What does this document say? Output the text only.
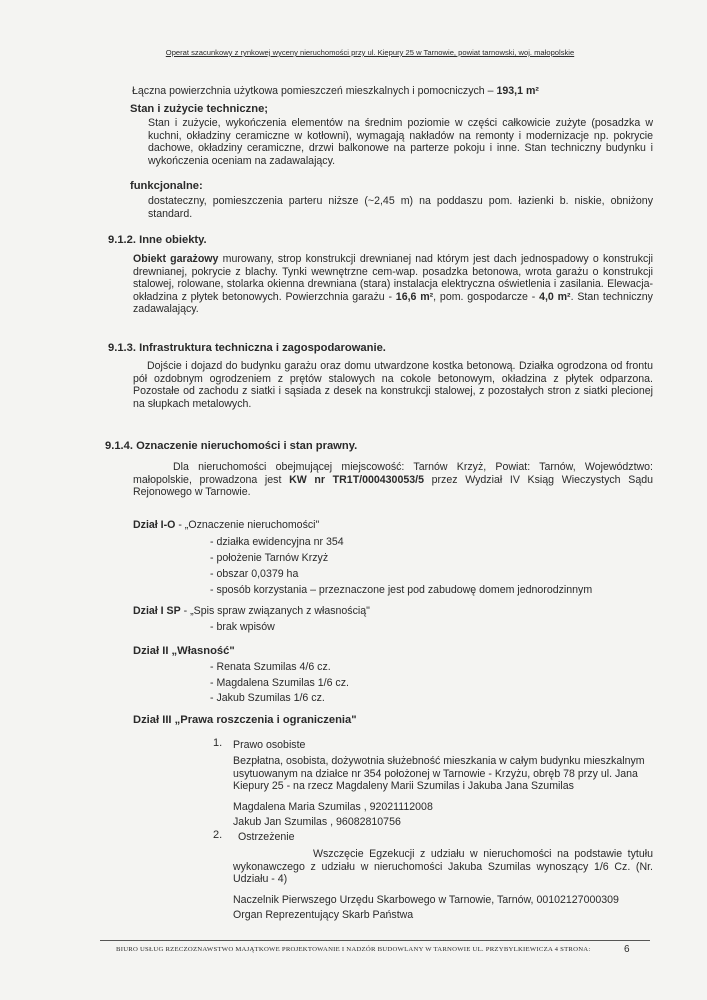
Operat szacunkowy z rynkowej wyceny nieruchomości przy ul. Kiepury 25 w Tarnowie, powiat tarnowski, woj. małopolskie
Łączna powierzchnia użytkowa pomieszczeń mieszkalnych i pomocniczych – 193,1 m²
Stan i zużycie techniczne;
Stan i zużycie, wykończenia elementów na średnim poziomie w części całkowicie zużyte (posadzka w kuchni, okładziny ceramiczne w kotłowni), wymagają nakładów na remonty i modernizacje np. pokrycie dachowe, okładziny ceramiczne, drzwi balkonowe na parterze pokoju i inne. Stan techniczny budynku i wykończenia oceniam na zadawalający.
funkcjonalne:
dostateczny, pomieszczenia parteru niższe (~2,45 m) na poddaszu pom. łazienki b. niskie, obniżony standard.
9.1.2. Inne obiekty.
Obiekt garażowy murowany, strop konstrukcji drewnianej nad którym jest dach jednospadowy o konstrukcji drewnianej, pokrycie z blachy. Tynki wewnętrzne cem-wap. posadzka betonowa, wrota garażu o konstrukcji stalowej, rolowane, stolarka okienna drewniana (stara) instalacja elektryczna oświetlenia i zasilania. Elewacja- okładzina z płytek betonowych. Powierzchnia garażu - 16,6 m², pom. gospodarcze - 4,0 m². Stan techniczny zadawalający.
9.1.3. Infrastruktura techniczna i zagospodarowanie.
Dojście i dojazd do budynku garażu oraz domu utwardzone kostka betonową. Działka ogrodzona od frontu pół ozdobnym ogrodzeniem z prętów stalowych na cokole betonowym, okładzina z płytek odparzona. Pozostałe od zachodu z siatki i sąsiada z desek na konstrukcji stalowej, z pozostałych stron z siatki plecionej na słupkach metalowych.
9.1.4. Oznaczenie nieruchomości i stan prawny.
Dla nieruchomości obejmującej miejscowość: Tarnów Krzyż, Powiat: Tarnów, Województwo: małopolskie, prowadzona jest KW nr TR1T/000430053/5 przez Wydział IV Ksiąg Wieczystych Sądu Rejonowego w Tarnowie.
Dział I-O - „Oznaczenie nieruchomości"
- działka ewidencyjna nr 354
- położenie Tarnów Krzyż
- obszar 0,0379 ha
- sposób korzystania – przeznaczone jest pod zabudowę domem jednorodzinnym
Dział I SP - „Spis spraw związanych z własnością"
- brak wpisów
Dział II „Własność"
- Renata Szumilas 4/6 cz.
- Magdalena Szumilas 1/6 cz.
- Jakub Szumilas 1/6 cz.
Dział III „Prawa roszczenia i ograniczenia"
1. Prawo osobiste
Bezpłatna, osobista, dożywotnia służebność mieszkania w całym budynku mieszkalnym usytuowanym na działce nr 354 położonej w Tarnowie - Krzyżu, obręb 78 przy ul. Jana Kiepury 25 - na rzecz Magdaleny Marii Szumilas i Jakuba Jana Szumilas
Magdalena Maria Szumilas , 92021112008
Jakub Jan Szumilas , 96082810756
2. Ostrzeżenie
Wszczęcie Egzekucji z udziału w nieruchomości na podstawie tytułu wykonawczego z udziału w nieruchomości Jakuba Szumilas wynoszący 1/6 Cz. (Nr. Udziału - 4)
Naczelnik Pierwszego Urzędu Skarbowego w Tarnowie, Tarnów, 00102127000309
Organ Reprezentujący Skarb Państwa
BIURO USŁUG RZECZOZNAWSTWO MAJĄTKOWE PROJEKTOWANIE I NADZÓR BUDOWLANY W TARNOWIE UL. PRZYBYLKIEWICZA 4 STRONA:	6
